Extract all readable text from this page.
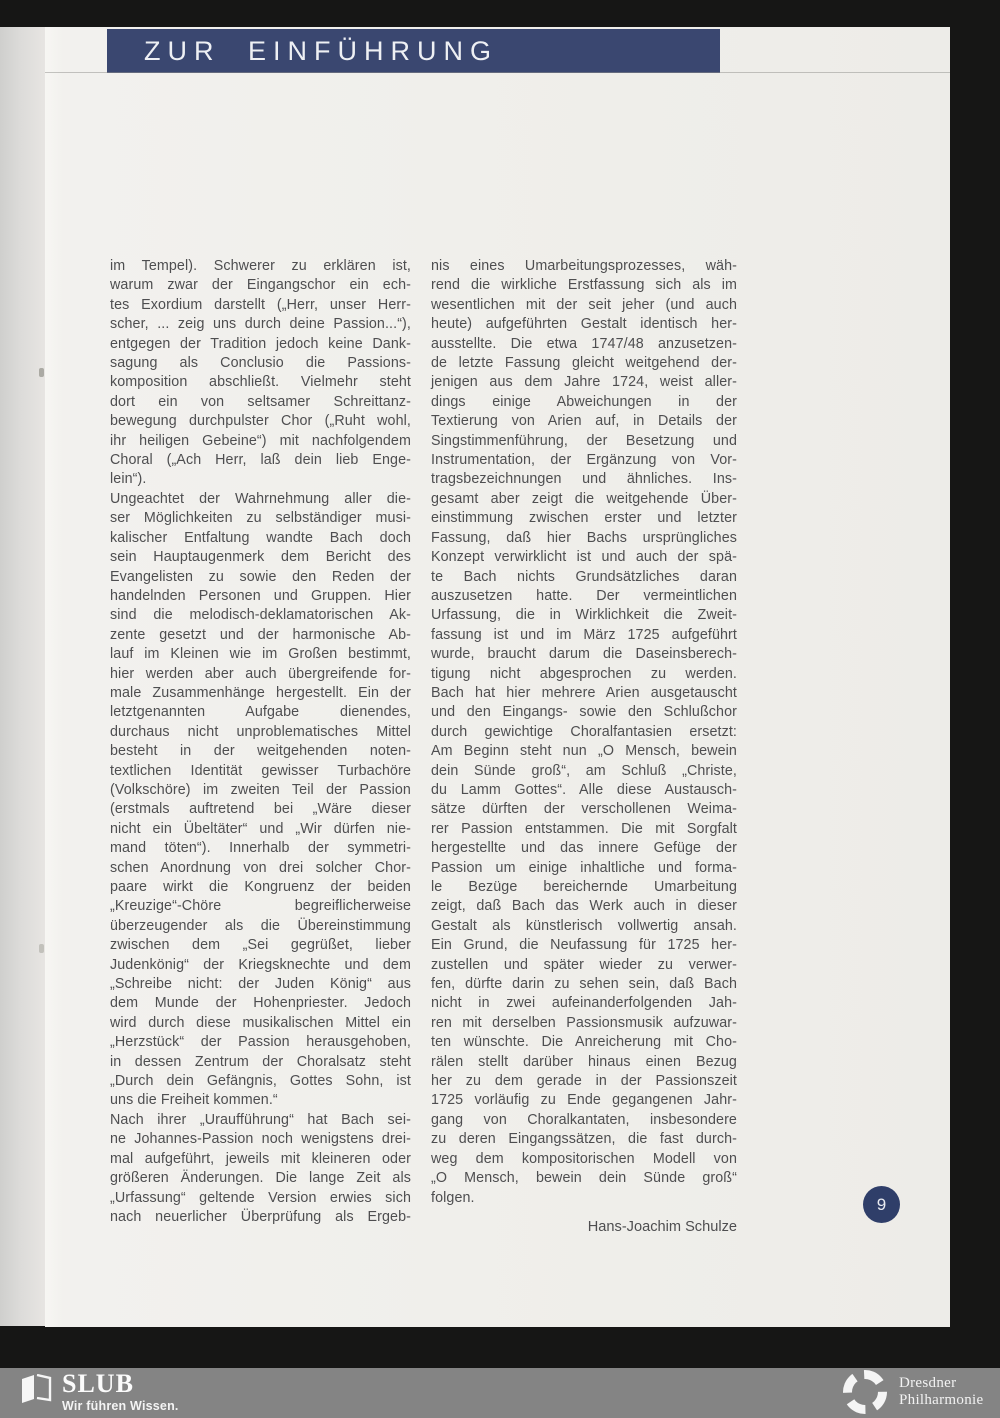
ZUR EINFÜHRUNG
im Tempel). Schwerer zu erklären ist,
warum zwar der Eingangschor ein ech-
tes Exordium darstellt („Herr, unser Herr-
scher, ... zeig uns durch deine Passion...“),
entgegen der Tradition jedoch keine Dank-
sagung als Conclusio die Passions-
komposition abschließt. Vielmehr steht
dort ein von seltsamer Schreittanz-
bewegung durchpulster Chor („Ruht wohl,
ihr heiligen Gebeine“) mit nachfolgendem
Choral („Ach Herr, laß dein lieb Enge-
lein“).
Ungeachtet der Wahrnehmung aller die-
ser Möglichkeiten zu selbständiger musi-
kalischer Entfaltung wandte Bach doch
sein Hauptaugenmerk dem Bericht des
Evangelisten zu sowie den Reden der
handelnden Personen und Gruppen. Hier
sind die melodisch-deklamatorischen Ak-
zente gesetzt und der harmonische Ab-
lauf im Kleinen wie im Großen bestimmt,
hier werden aber auch übergreifende for-
male Zusammenhänge hergestellt. Ein der
letztgenannten Aufgabe dienendes,
durchaus nicht unproblematisches Mittel
besteht in der weitgehenden noten-
textlichen Identität gewisser Turbachöre
(Volkschöre) im zweiten Teil der Passion
(erstmals auftretend bei „Wäre dieser
nicht ein Übeltäter“ und „Wir dürfen nie-
mand töten“). Innerhalb der symmetri-
schen Anordnung von drei solcher Chor-
paare wirkt die Kongruenz der beiden
„Kreuzige“-Chöre begreiflicherweise
überzeugender als die Übereinstimmung
zwischen dem „Sei gegrüßet, lieber
Judenkönig“ der Kriegsknechte und dem
„Schreibe nicht: der Juden König“ aus
dem Munde der Hohenpriester. Jedoch
wird durch diese musikalischen Mittel ein
„Herzstück“ der Passion herausgehoben,
in dessen Zentrum der Choralsatz steht
„Durch dein Gefängnis, Gottes Sohn, ist
uns die Freiheit kommen.“
Nach ihrer „Uraufführung“ hat Bach sei-
ne Johannes-Passion noch wenigstens drei-
mal aufgeführt, jeweils mit kleineren oder
größeren Änderungen. Die lange Zeit als
„Urfassung“ geltende Version erwies sich
nach neuerlicher Überprüfung als Ergeb-
nis eines Umarbeitungsprozesses, wäh-
rend die wirkliche Erstfassung sich als im
wesentlichen mit der seit jeher (und auch
heute) aufgeführten Gestalt identisch her-
ausstellte. Die etwa 1747/48 anzusetzen-
de letzte Fassung gleicht weitgehend der-
jenigen aus dem Jahre 1724, weist aller-
dings einige Abweichungen in der
Textierung von Arien auf, in Details der
Singstimmenführung, der Besetzung und
Instrumentation, der Ergänzung von Vor-
tragsbezeichnungen und ähnliches. Ins-
gesamt aber zeigt die weitgehende Über-
einstimmung zwischen erster und letzter
Fassung, daß hier Bachs ursprüngliches
Konzept verwirklicht ist und auch der spä-
te Bach nichts Grundsätzliches daran
auszusetzen hatte. Der vermeintlichen
Urfassung, die in Wirklichkeit die Zweit-
fassung ist und im März 1725 aufgeführt
wurde, braucht darum die Daseinsberech-
tigung nicht abgesprochen zu werden.
Bach hat hier mehrere Arien ausgetauscht
und den Eingangs- sowie den Schlußchor
durch gewichtige Choralfantasien ersetzt:
Am Beginn steht nun „O Mensch, bewein
dein Sünde groß“, am Schluß „Christe,
du Lamm Gottes“. Alle diese Austausch-
sätze dürften der verschollenen Weima-
rer Passion entstammen. Die mit Sorgfalt
hergestellte und das innere Gefüge der
Passion um einige inhaltliche und forma-
le Bezüge bereichernde Umarbeitung
zeigt, daß Bach das Werk auch in dieser
Gestalt als künstlerisch vollwertig ansah.
Ein Grund, die Neufassung für 1725 her-
zustellen und später wieder zu verwer-
fen, dürfte darin zu sehen sein, daß Bach
nicht in zwei aufeinanderfolgenden Jah-
ren mit derselben Passionsmusik aufzuwar-
ten wünschte. Die Anreicherung mit Cho-
rälen stellt darüber hinaus einen Bezug
her zu dem gerade in der Passionszeit
1725 vorläufig zu Ende gegangenen Jahr-
gang von Choralkantaten, insbesondere
zu deren Eingangssätzen, die fast durch-
weg dem kompositorischen Modell von
„O Mensch, bewein dein Sünde groß“
folgen.
Hans-Joachim Schulze
9
SLUB
Wir führen Wissen.
Dresdner
Philharmonie
